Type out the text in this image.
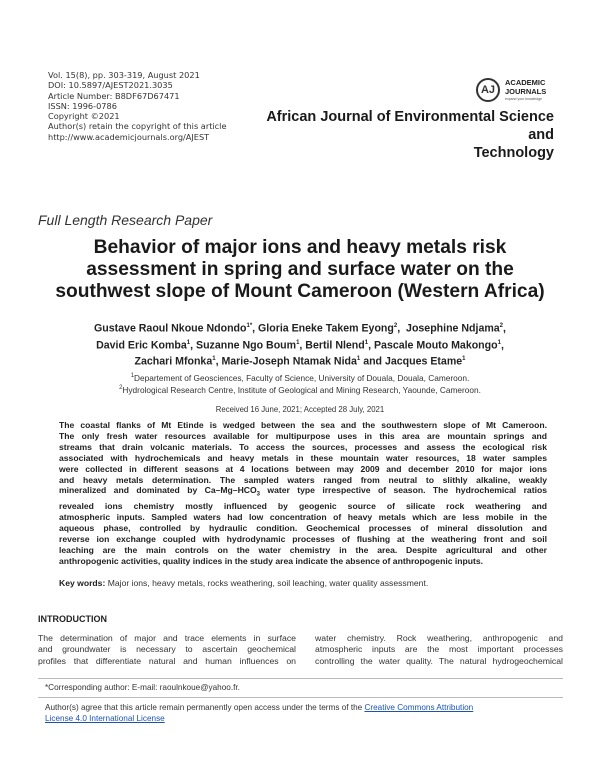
Vol. 15(8), pp. 303-319, August 2021
DOI: 10.5897/AJEST2021.3035
Article Number: B8DF67D67471
ISSN: 1996-0786
Copyright ©2021
Author(s) retain the copyright of this article
http://www.academicjournals.org/AJEST
AJ
ACADEMIC
JOURNALS
expand your knowledge
African Journal of Environmental Science and
Technology
Full Length Research Paper
Behavior of major ions and heavy metals risk
assessment in spring and surface water on the
southwest slope of Mount Cameroon (Western Africa)
Gustave Raoul Nkoue Ndondo$^{1*}$, Gloria Eneke Takem Eyong$^2$,  Josephine Ndjama$^2$,
David Eric Komba$^1$, Suzanne Ngo Boum$^1$, Bertil Nlend$^1$, Pascale Mouto Makongo$^1$,
Zachari Mfonka$^1$, Marie-Joseph Ntamak Nida$^1$ and Jacques Etame$^1$
$^1$Departement of Geosciences, Faculty of Science, University of Douala, Douala, Cameroon.
$^2$Hydrological Research Centre, Institute of Geological and Mining Research, Yaounde, Cameroon.
Received 16 June, 2021; Accepted 28 July, 2021
The coastal flanks of Mt Etinde is wedged between the sea and the southwestern slope of Mt Cameroon.
The only fresh water resources available for multipurpose uses in this area are mountain springs and
streams that drain volcanic materials. To access the sources, processes and assess the ecological risk
associated with hydrochemicals and heavy metals in these mountain water resources, 18 water samples
were collected in different seasons at 4 locations between may 2009 and december 2010 for major ions
and heavy metals determination. The sampled waters ranged from neutral to slithly alkaline, weakly
mineralized and dominated by $Ca-Mg-HCO_3$ water type irrespective of season. The hydrochemical ratios
revealed ions chemistry mostly influenced by geogenic source of silicate rock weathering and
atmospheric inputs. Sampled waters had low concentration of heavy metals which are less mobile in the
aqueous phase, controlled by hydraulic condition. Geochemical processes of mineral dissolution and
reverse ion exchange coupled with hydrodynamic processes of flushing at the weathering front and soil
leaching are the main controls on the water chemistry in the area. Despite agricultural and other
anthropogenic activities, quality indices in the study area indicate the absence of anthropogenic inputs.
Key words: Major ions, heavy metals, rocks weathering, soil leaching, water quality assessment.
INTRODUCTION
The determination of major and trace elements in surface
and groundwater is necessary to ascertain geochemical
profiles that differentiate natural and human influences on
water chemistry. Rock weathering, anthropogenic and
atmospheric inputs are the most important processes
controlling the water quality. The natural hydrogeochemical
*Corresponding author: E-mail: raoulnkoue@yahoo.fr.
Author(s) agree that this article remain permanently open access under the terms of the Creative Commons Attribution
License 4.0 International License
